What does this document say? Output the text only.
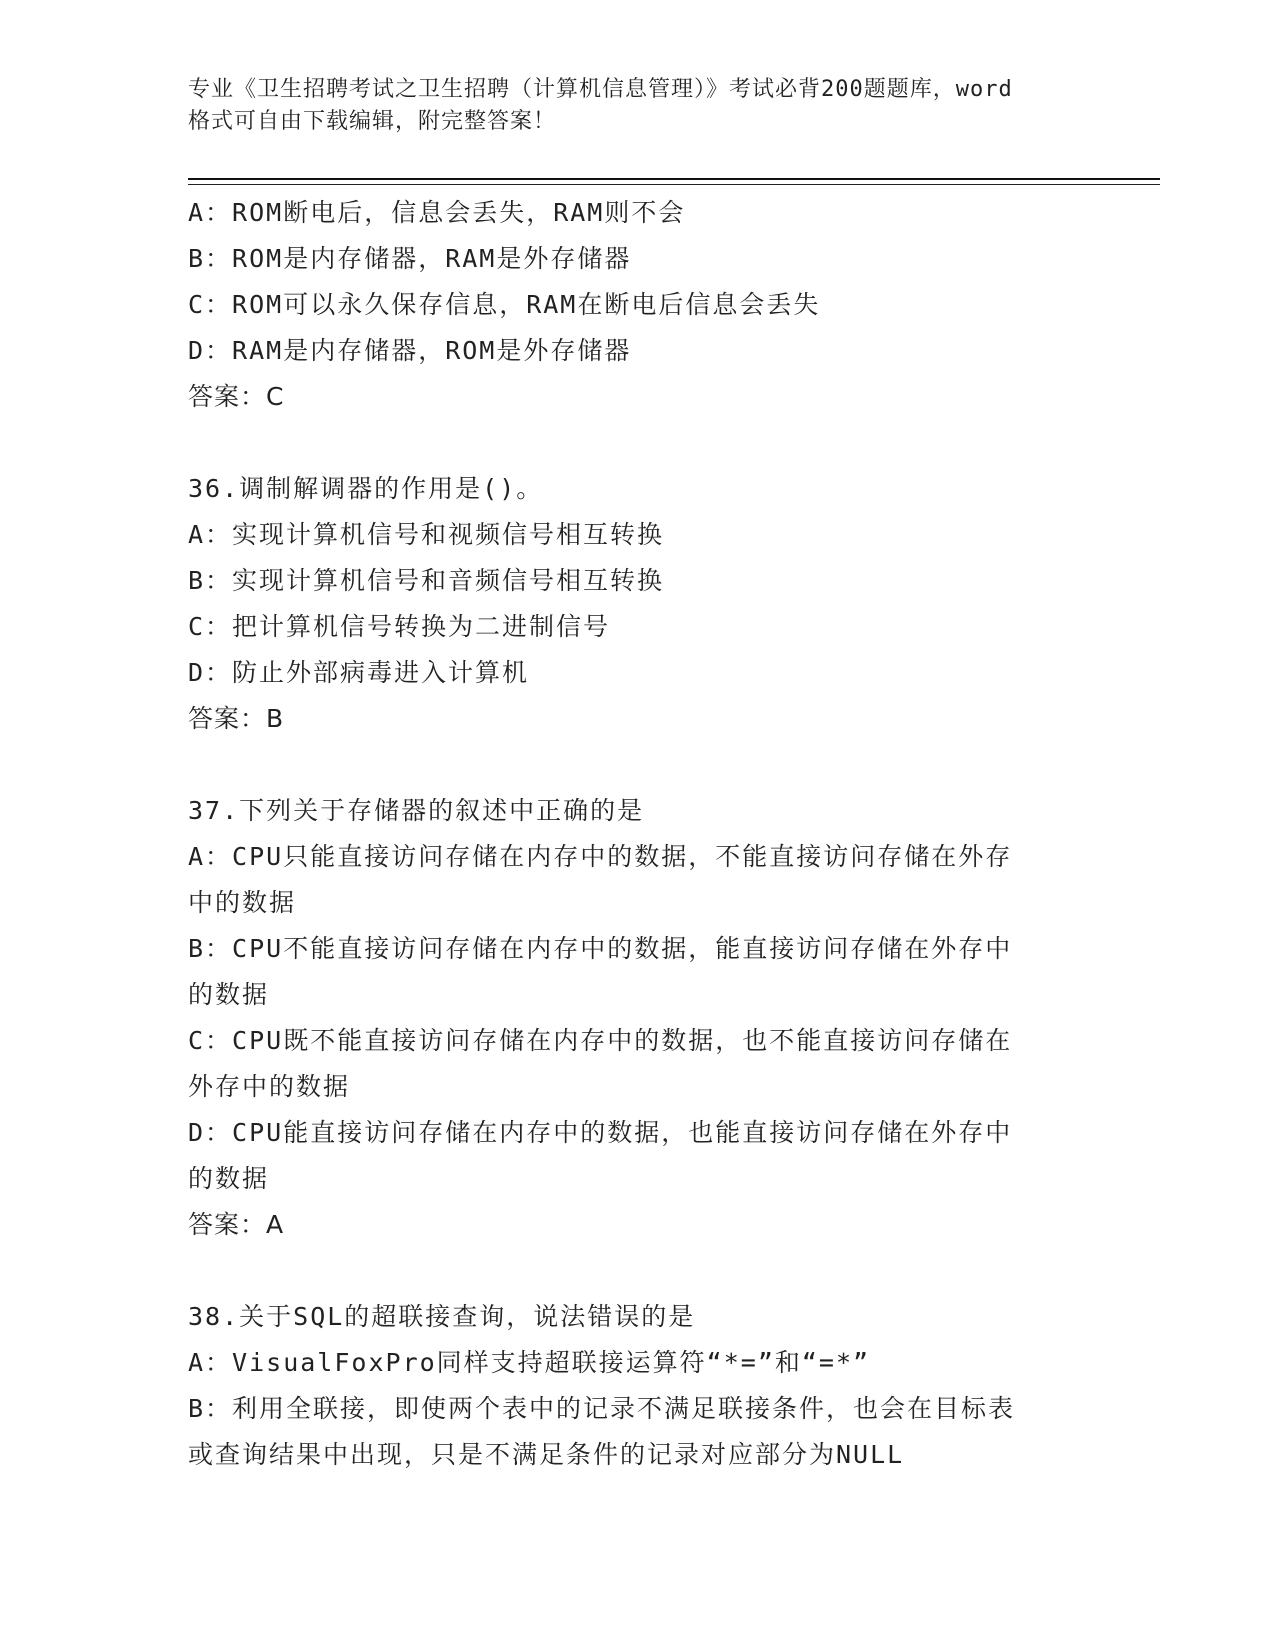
专业《卫生招聘考试之卫生招聘（计算机信息管理）》考试必背200题题库，word
格式可自由下载编辑，附完整答案！
A：ROM断电后，信息会丢失，RAM则不会
B：ROM是内存储器，RAM是外存储器
C：ROM可以永久保存信息，RAM在断电后信息会丢失
D：RAM是内存储器，ROM是外存储器
答案：C
36.调制解调器的作用是()。
A：实现计算机信号和视频信号相互转换
B：实现计算机信号和音频信号相互转换
C：把计算机信号转换为二进制信号
D：防止外部病毒进入计算机
答案：B
37.下列关于存储器的叙述中正确的是
A：CPU只能直接访问存储在内存中的数据，不能直接访问存储在外存
中的数据
B：CPU不能直接访问存储在内存中的数据，能直接访问存储在外存中
的数据
C：CPU既不能直接访问存储在内存中的数据，也不能直接访问存储在
外存中的数据
D：CPU能直接访问存储在内存中的数据，也能直接访问存储在外存中
的数据
答案：A
38.关于SQL的超联接查询，说法错误的是
A：VisualFoxPro同样支持超联接运算符“*=”和“=*”
B：利用全联接，即使两个表中的记录不满足联接条件，也会在目标表
或查询结果中出现，只是不满足条件的记录对应部分为NULL
